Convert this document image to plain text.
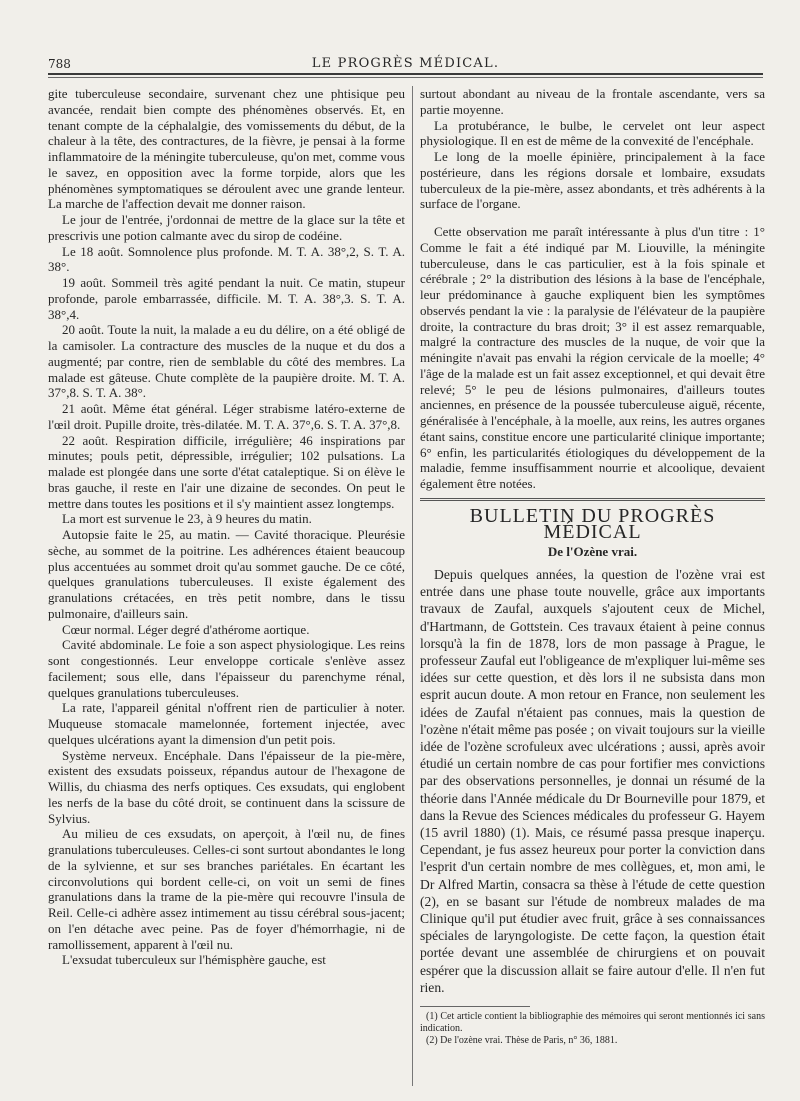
788	LE PROGRÈS MÉDICAL.

gite tuberculeuse secondaire, survenant chez une phtisique peu avancée, rendait bien compte des phénomènes observés. Et, en tenant compte de la céphalalgie, des vomissements du début, de la chaleur à la tête, des contractures, de la fièvre, je pensai à la forme inflammatoire de la méningite tuberculeuse, qu'on met, comme vous le savez, en opposition avec la forme torpide, alors que les phénomènes symptomatiques se déroulent avec une grande lenteur. La marche de l'affection devait me donner raison.

Le jour de l'entrée, j'ordonnai de mettre de la glace sur la tête et prescrivis une potion calmante avec du sirop de codéine.

Le 18 août. Somnolence plus profonde. M. T. A. 38°,2, S. T. A. 38°.

19 août. Sommeil très agité pendant la nuit. Ce matin, stupeur profonde, parole embarrassée, difficile. M. T. A. 38°,3. S. T. A. 38°,4.

20 août. Toute la nuit, la malade a eu du délire, on a été obligé de la camisoler. La contracture des muscles de la nuque et du dos a augmenté; par contre, rien de semblable du côté des membres. La malade est gâteuse. Chute complète de la paupière droite. M. T. A. 37°,8. S. T. A. 38°.

21 août. Même état général. Léger strabisme latéro-externe de l'œil droit. Pupille droite, très-dilatée. M. T. A. 37°,6. S. T. A. 37°,8.

22 août. Respiration difficile, irrégulière; 46 inspirations par minutes; pouls petit, dépressible, irrégulier; 102 pulsations. La malade est plongée dans une sorte d'état cataleptique. Si on élève le bras gauche, il reste en l'air une dizaine de secondes. On peut le mettre dans toutes les positions et il s'y maintient assez longtemps.

La mort est survenue le 23, à 9 heures du matin.

Autopsie faite le 25, au matin. — Cavité thoracique. Pleurésie sèche, au sommet de la poitrine. Les adhérences étaient beaucoup plus accentuées au sommet droit qu'au sommet gauche. De ce côté, quelques granulations tuberculeuses. Il existe également des granulations crétacées, en très petit nombre, dans le tissu pulmonaire, d'ailleurs sain.

Cœur normal. Léger degré d'athérome aortique.

Cavité abdominale. Le foie a son aspect physiologique. Les reins sont congestionnés. Leur enveloppe corticale s'enlève assez facilement; sous elle, dans l'épaisseur du parenchyme rénal, quelques granulations tuberculeuses.

La rate, l'appareil génital n'offrent rien de particulier à noter. Muqueuse stomacale mamelonnée, fortement injectée, avec quelques ulcérations ayant la dimension d'un petit pois.

Système nerveux. Encéphale. Dans l'épaisseur de la pie-mère, existent des exsudats poisseux, répandus autour de l'hexagone de Willis, du chiasma des nerfs optiques. Ces exsudats, qui englobent les nerfs de la base du côté droit, se continuent dans la scissure de Sylvius.

Au milieu de ces exsudats, on aperçoit, à l'œil nu, de fines granulations tuberculeuses. Celles-ci sont surtout abondantes le long de la sylvienne, et sur ses branches pariétales. En écartant les circonvolutions qui bordent celle-ci, on voit un semi de fines granulations dans la trame de la pie-mère qui recouvre l'insula de Reil. Celle-ci adhère assez intimement au tissu cérébral sous-jacent; on l'en détache avec peine. Pas de foyer d'hémorrhagie, ni de ramollissement, apparent à l'œil nu.

L'exsudat tuberculeux sur l'hémisphère gauche, est

surtout abondant au niveau de la frontale ascendante, vers sa partie moyenne.

La protubérance, le bulbe, le cervelet ont leur aspect physiologique. Il en est de même de la convexité de l'encéphale.

Le long de la moelle épinière, principalement à la face postérieure, dans les régions dorsale et lombaire, exsudats tuberculeux de la pie-mère, assez abondants, et très adhérents à la surface de l'organe.

Cette observation me paraît intéressante à plus d'un titre : 1° Comme le fait a été indiqué par M. Liouville, la méningite tuberculeuse, dans le cas particulier, est à la fois spinale et cérébrale ; 2° la distribution des lésions à la base de l'encéphale, leur prédominance à gauche expliquent bien les symptômes observés pendant la vie : la paralysie de l'élévateur de la paupière droite, la contracture du bras droit; 3° il est assez remarquable, malgré la contracture des muscles de la nuque, de voir que la méningite n'avait pas envahi la région cervicale de la moelle; 4° l'âge de la malade est un fait assez exceptionnel, et qui devait être relevé; 5° le peu de lésions pulmonaires, d'ailleurs toutes anciennes, en présence de la poussée tuberculeuse aiguë, récente, généralisée à l'encéphale, à la moelle, aux reins, les autres organes étant sains, constitue encore une particularité clinique importante; 6° enfin, les particularités étiologiques du développement de la maladie, femme insuffisamment nourrie et alcoolique, devaient également être notées.

BULLETIN DU PROGRÈS MÉDICAL
De l'Ozène vrai.

Depuis quelques années, la question de l'ozène vrai est entrée dans une phase toute nouvelle, grâce aux importants travaux de Zaufal, auxquels s'ajoutent ceux de Michel, d'Hartmann, de Gottstein. Ces travaux étaient à peine connus lorsqu'à la fin de 1878, lors de mon passage à Prague, le professeur Zaufal eut l'obligeance de m'expliquer lui-même ses idées sur cette question, et dès lors il ne subsista dans mon esprit aucun doute. A mon retour en France, non seulement les idées de Zaufal n'étaient pas connues, mais la question de l'ozène n'était même pas posée ; on vivait toujours sur la vieille idée de l'ozène scrofuleux avec ulcérations ; aussi, après avoir étudié un certain nombre de cas pour fortifier mes convictions par des observations personnelles, je donnai un résumé de la théorie dans l'Année médicale du Dr Bourneville pour 1879, et dans la Revue des Sciences médicales du professeur G. Hayem (15 avril 1880) (1). Mais, ce résumé passa presque inaperçu. Cependant, je fus assez heureux pour porter la conviction dans l'esprit d'un certain nombre de mes collègues, et, mon ami, le Dr Alfred Martin, consacra sa thèse à l'étude de cette question (2), en se basant sur l'étude de nombreux malades de ma Clinique qu'il put étudier avec fruit, grâce à ses connaissances spéciales de laryngologiste. De cette façon, la question était portée devant une assemblée de chirurgiens et on pouvait espérer que la discussion allait se faire autour d'elle. Il n'en fut rien.

(1) Cet article contient la bibliographie des mémoires qui seront mentionnés ici sans indication.

(2) De l'ozène vrai. Thèse de Paris, n° 36, 1881.
